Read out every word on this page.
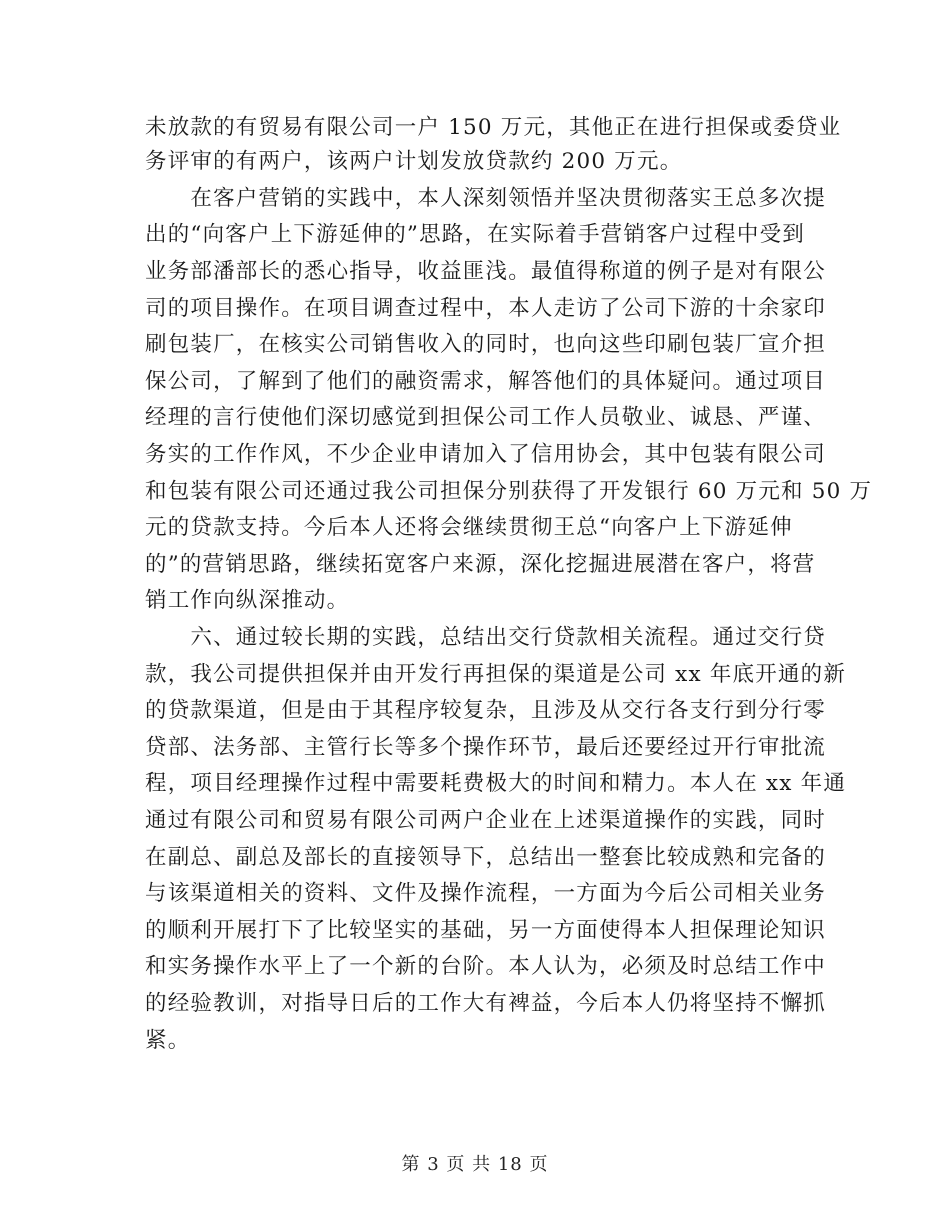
未放款的有贸易有限公司一户 150 万元，其他正在进行担保或委贷业
务评审的有两户，该两户计划发放贷款约 200 万元。
　　在客户营销的实践中，本人深刻领悟并坚决贯彻落实王总多次提
出的“向客户上下游延伸的”思路，在实际着手营销客户过程中受到
业务部潘部长的悉心指导，收益匪浅。最值得称道的例子是对有限公
司的项目操作。在项目调查过程中，本人走访了公司下游的十余家印
刷包装厂，在核实公司销售收入的同时，也向这些印刷包装厂宣介担
保公司，了解到了他们的融资需求，解答他们的具体疑问。通过项目
经理的言行使他们深切感觉到担保公司工作人员敬业、诚恳、严谨、
务实的工作作风，不少企业申请加入了信用协会，其中包装有限公司
和包装有限公司还通过我公司担保分别获得了开发银行 60 万元和 50 万
元的贷款支持。今后本人还将会继续贯彻王总“向客户上下游延伸
的”的营销思路，继续拓宽客户来源，深化挖掘进展潜在客户，将营
销工作向纵深推动。
　　六、通过较长期的实践，总结出交行贷款相关流程。通过交行贷
款，我公司提供担保并由开发行再担保的渠道是公司 xx 年底开通的新
的贷款渠道，但是由于其程序较复杂，且涉及从交行各支行到分行零
贷部、法务部、主管行长等多个操作环节，最后还要经过开行审批流
程，项目经理操作过程中需要耗费极大的时间和精力。本人在 xx 年通
通过有限公司和贸易有限公司两户企业在上述渠道操作的实践，同时
在副总、副总及部长的直接领导下，总结出一整套比较成熟和完备的
与该渠道相关的资料、文件及操作流程，一方面为今后公司相关业务
的顺利开展打下了比较坚实的基础，另一方面使得本人担保理论知识
和实务操作水平上了一个新的台阶。本人认为，必须及时总结工作中
的经验教训，对指导日后的工作大有裨益，今后本人仍将坚持不懈抓
紧。
第 3 页 共 18 页
